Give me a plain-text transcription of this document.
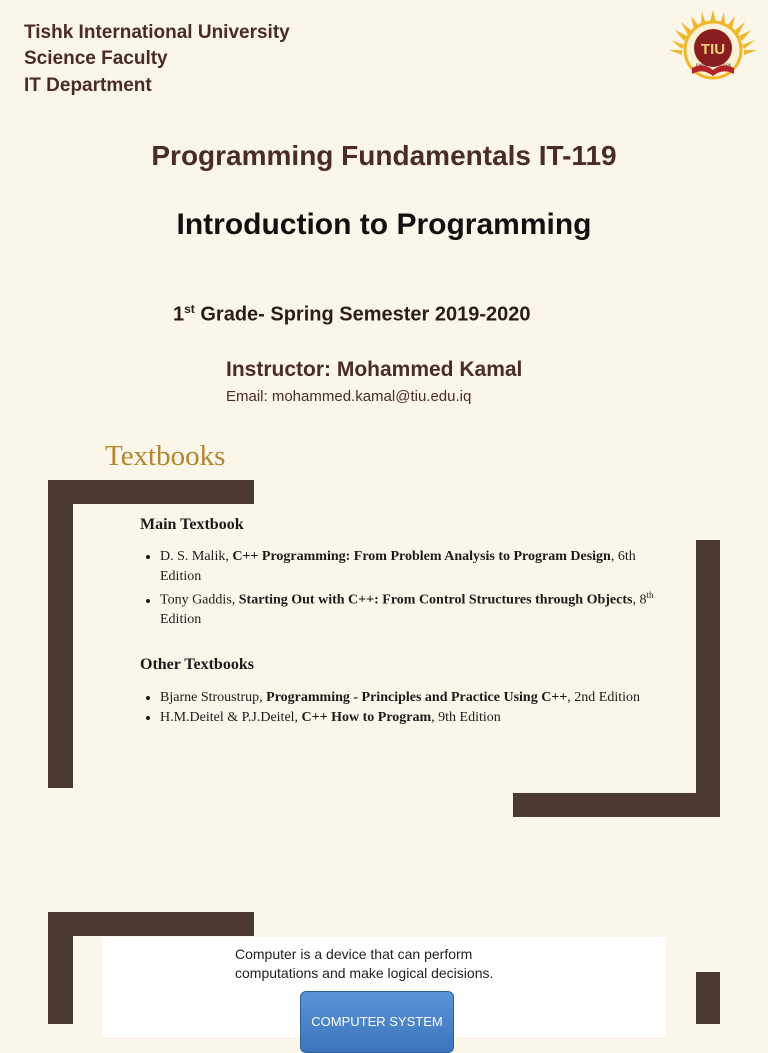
Tishk International University
Science Faculty
IT Department
TIU
EMRE	2008
Programming Fundamentals IT-119
Introduction to Programming
1st Grade- Spring Semester 2019-2020
Instructor: Mohammed Kamal
Email: mohammed.kamal@tiu.edu.iq
Textbooks
Main Textbook
• D. S. Malik, C++ Programming: From Problem Analysis to Program Design, 6th Edition
• Tony Gaddis, Starting Out with C++: From Control Structures through Objects, 8th Edition
Other Textbooks
• Bjarne Stroustrup, Programming - Principles and Practice Using C++, 2nd Edition
• H.M.Deitel & P.J.Deitel, C++ How to Program, 9th Edition

Computer is a device that can perform
computations and make logical decisions.

COMPUTER SYSTEM
